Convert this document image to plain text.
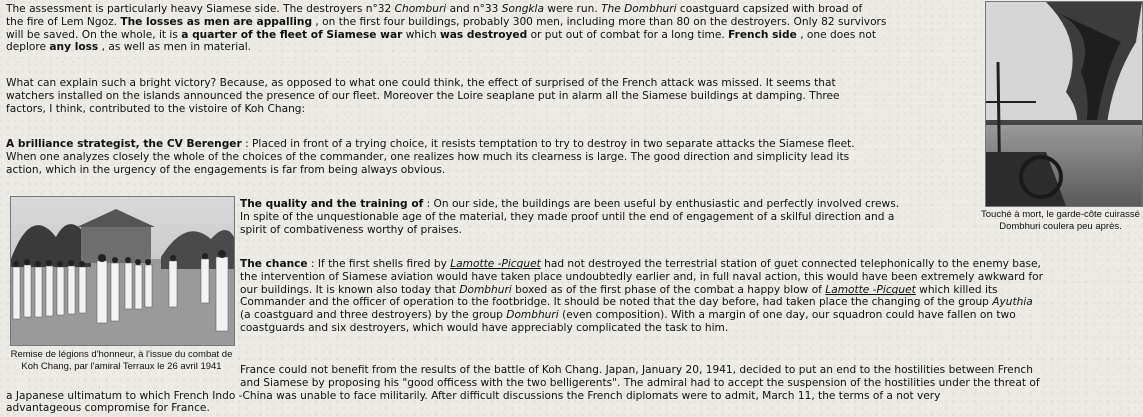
The assessment is particularly heavy Siamese side. The destroyers n°32 Chomburi and n°33 Songkla were run. The Dombhuri coastguard capsized with broad of
the fire of Lem Ngoz. The losses as men are appalling , on the first four buildings, probably 300 men, including more than 80 on the destroyers. Only 82 survivors
will be saved. On the whole, it is a quarter of the fleet of Siamese war which was destroyed or put out of combat for a long time. French side , one does not
deplore any loss , as well as men in material.
What can explain such a bright victory? Because, as opposed to what one could think, the effect of surprised of the French attack was missed. It seems that
watchers installed on the islands announced the presence of our fleet. Moreover the Loire seaplane put in alarm all the Siamese buildings at damping. Three
factors, I think, contributed to the vistoire of Koh Chang:
A brilliance strategist, the CV Berenger : Placed in front of a trying choice, it resists temptation to try to destroy in two separate attacks the Siamese fleet.
When one analyzes closely the whole of the choices of the commander, one realizes how much its clearness is large. The good direction and simplicity lead its
action, which in the urgency of the engagements is far from being always obvious.
Remise de légions d'honneur, à l'issue du combat de
Koh Chang, par l'amiral Terraux le 26 avril 1941
Touché à mort, le garde-côte cuirassé
Dombhuri coulera peu après.
The quality and the training of : On our side, the buildings are been useful by enthusiastic and perfectly involved crews.
In spite of the unquestionable age of the material, they made proof until the end of engagement of a skilful direction and a
spirit of combativeness worthy of praises.
The chance : If the first shells fired by Lamotte -Picquet had not destroyed the terrestrial station of guet connected telephonically to the enemy base,
the intervention of Siamese aviation would have taken place undoubtedly earlier and, in full naval action, this would have been extremely awkward for
our buildings. It is known also today that Dombhuri boxed as of the first phase of the combat a happy blow of Lamotte -Picquet which killed its
Commander and the officer of operation to the footbridge. It should be noted that the day before, had taken place the changing of the group Ayuthia
(a coastguard and three destroyers) by the group Dombhuri (even composition). With a margin of one day, our squadron could have fallen on two
coastguards and six destroyers, which would have appreciably complicated the task to him.
France could not benefit from the results of the battle of Koh Chang. Japan, January 20, 1941, decided to put an end to the hostilities between French
and Siamese by proposing his "good officess with the two belligerents". The admiral had to accept the suspension of the hostilities under the threat of
a Japanese ultimatum to which French Indo -China was unable to face militarily. After difficult discussions the French diplomats were to admit, March 11, the terms of a not very
advantageous compromise for France.
